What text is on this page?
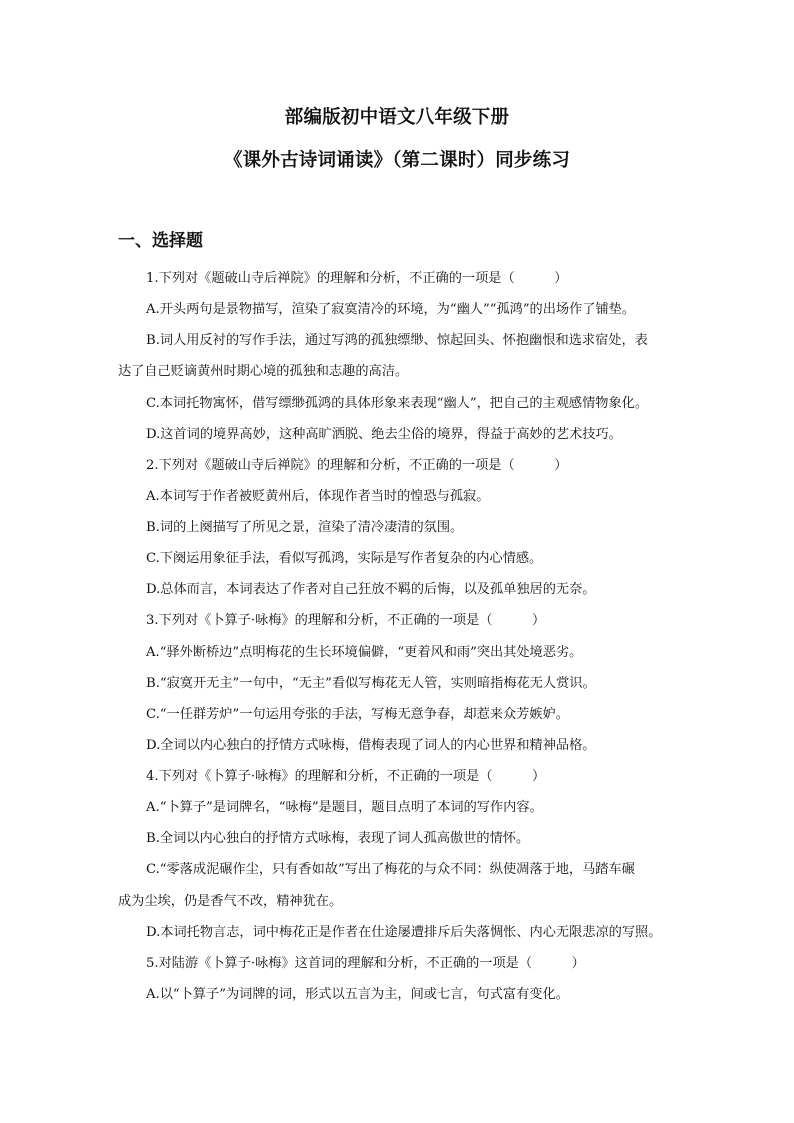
部编版初中语文八年级下册
《课外古诗词诵读》（第二课时）同步练习
一、选择题
1.下列对《题破山寺后禅院》的理解和分析，不正确的一项是（　　　）
A.开头两句是景物描写，渲染了寂寞清冷的环境，为“幽人”“孤鸿”的出场作了铺垫。
B.词人用反衬的写作手法，通过写鸿的孤独缥缈、惊起回头、怀抱幽恨和选求宿处，表
达了自己贬谪黄州时期心境的孤独和志趣的高洁。
C.本词托物寓怀，借写缥缈孤鸿的具体形象来表现“幽人”，把自己的主观感情物象化。
D.这首词的境界高妙，这种高旷洒脱、绝去尘俗的境界，得益于高妙的艺术技巧。
2.下列对《题破山寺后禅院》的理解和分析，不正确的一项是（　　　）
A.本词写于作者被贬黄州后，体现作者当时的惶恐与孤寂。
B.词的上阕描写了所见之景，渲染了清冷凄清的氛围。
C.下阕运用象征手法，看似写孤鸿，实际是写作者复杂的内心情感。
D.总体而言，本词表达了作者对自己狂放不羁的后悔，以及孤单独居的无奈。
3.下列对《卜算子·咏梅》的理解和分析，不正确的一项是（　　　）
A.“驿外断桥边”点明梅花的生长环境偏僻，“更着风和雨”突出其处境恶劣。
B.“寂寞开无主”一句中，“无主”看似写梅花无人管，实则暗指梅花无人赏识。
C.“一任群芳炉”一句运用夸张的手法，写梅无意争春，却惹来众芳嫉妒。
D.全词以内心独白的抒情方式咏梅，借梅表现了词人的内心世界和精神品格。
4.下列对《卜算子·咏梅》的理解和分析，不正确的一项是（　　　）
A.“卜算子”是词牌名，“咏梅”是题目，题目点明了本词的写作内容。
B.全词以内心独白的抒情方式咏梅，表现了词人孤高傲世的情怀。
C.“零落成泥碾作尘，只有香如故”写出了梅花的与众不同：纵使凋落于地，马踏车碾
成为尘埃，仍是香气不改，精神犹在。
D.本词托物言志，词中梅花正是作者在仕途屡遭排斥后失落惆怅、内心无限悲凉的写照。
5.对陆游《卜算子·咏梅》这首词的理解和分析，不正确的一项是（　　　）
A.以“卜算子”为词牌的词，形式以五言为主，间或七言，句式富有变化。
